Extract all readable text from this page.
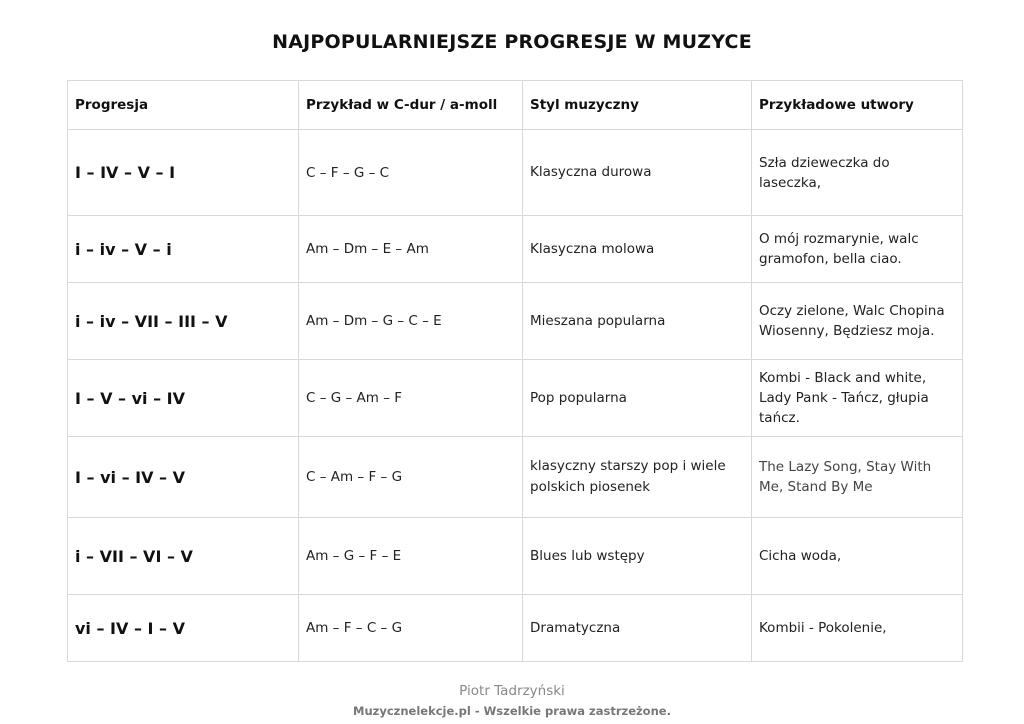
NAJPOPULARNIEJSZE PROGRESJE W MUZYCE
Progresja	Przykład w C-dur / a-moll	Styl muzyczny	Przykładowe utwory
I – IV – V – I	C – F – G – C	Klasyczna durowa	Szła dzieweczka do laseczka,
i – iv – V – i	Am – Dm – E – Am	Klasyczna molowa	O mój rozmarynie, walc gramofon, bella ciao.
i – iv – VII – III – V	Am – Dm – G – C – E	Mieszana popularna	Oczy zielone, Walc Chopina Wiosenny, Będziesz moja.
I – V – vi – IV	C – G – Am – F	Pop popularna	Kombi - Black and white, Lady Pank - Tańcz, głupia tańcz.
I – vi – IV – V	C – Am – F – G	klasyczny starszy pop i wiele polskich piosenek	The Lazy Song, Stay With Me, Stand By Me
i – VII – VI – V	Am – G – F – E	Blues lub wstępy	Cicha woda,
vi – IV – I – V	Am – F – C – G	Dramatyczna	Kombii - Pokolenie,
Piotr Tadrzyński
Muzycznelekcje.pl - Wszelkie prawa zastrzeżone.
